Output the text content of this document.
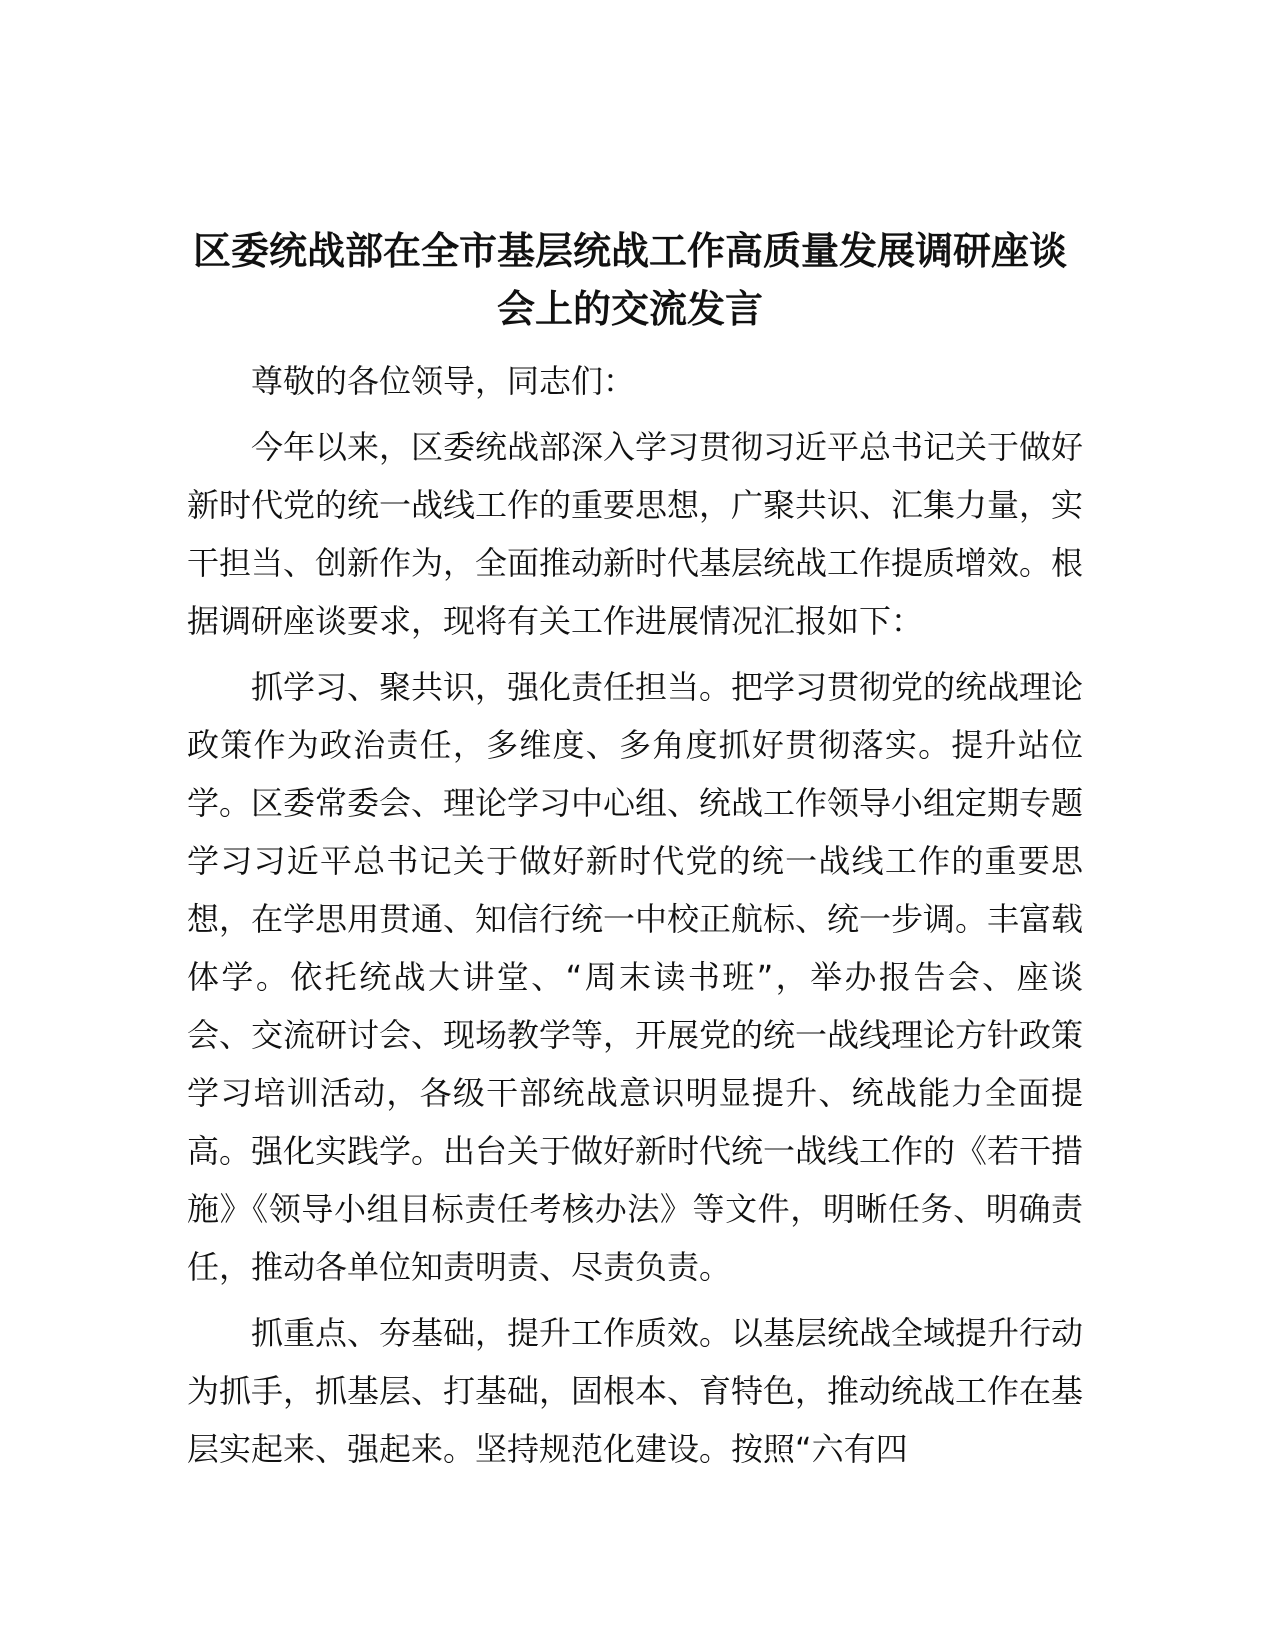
区委统战部在全市基层统战工作高质量发展调研座谈会上的交流发言

尊敬的各位领导，同志们：

今年以来，区委统战部深入学习贯彻习近平总书记关于做好新时代党的统一战线工作的重要思想，广聚共识、汇集力量，实干担当、创新作为，全面推动新时代基层统战工作提质增效。根据调研座谈要求，现将有关工作进展情况汇报如下：

抓学习、聚共识，强化责任担当。把学习贯彻党的统战理论政策作为政治责任，多维度、多角度抓好贯彻落实。提升站位学。区委常委会、理论学习中心组、统战工作领导小组定期专题学习习近平总书记关于做好新时代党的统一战线工作的重要思想，在学思用贯通、知信行统一中校正航标、统一步调。丰富载体学。依托统战大讲堂、“周末读书班”，举办报告会、座谈会、交流研讨会、现场教学等，开展党的统一战线理论方针政策学习培训活动，各级干部统战意识明显提升、统战能力全面提高。强化实践学。出台关于做好新时代统一战线工作的《若干措施》《领导小组目标责任考核办法》等文件，明晰任务、明确责任，推动各单位知责明责、尽责负责。

抓重点、夯基础，提升工作质效。以基层统战全域提升行动为抓手，抓基层、打基础，固根本、育特色，推动统战工作在基层实起来、强起来。坚持规范化建设。按照“六有四
